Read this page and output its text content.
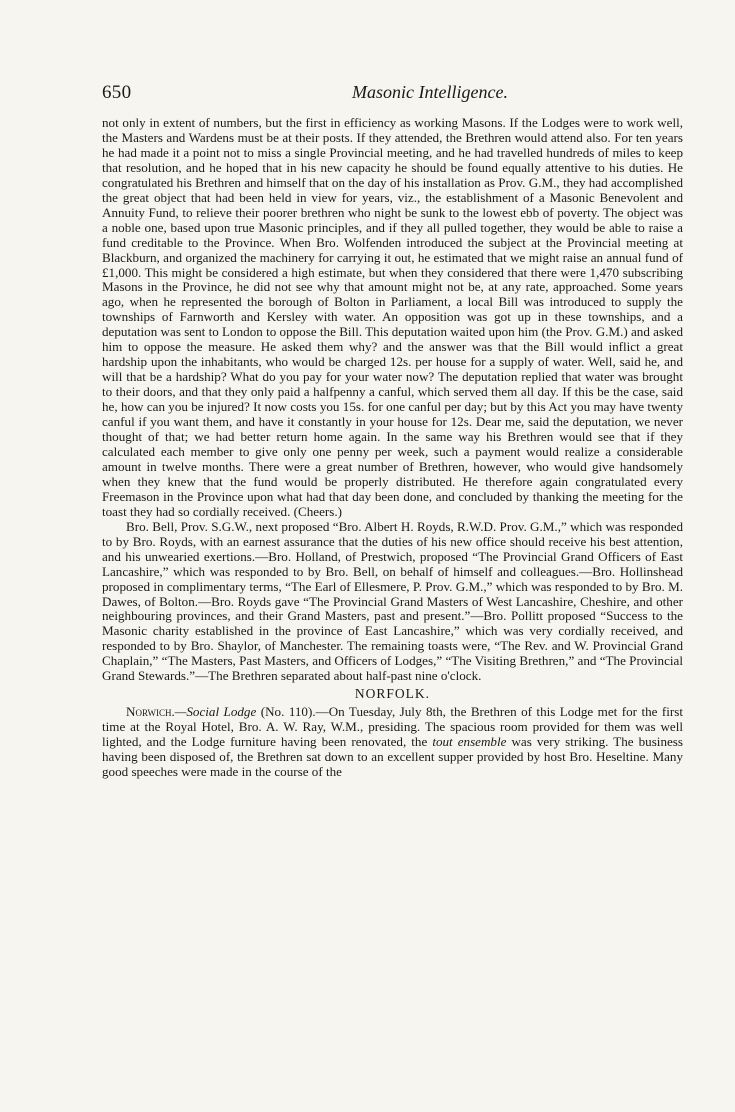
650	Masonic Intelligence.

not only in extent of numbers, but the first in efficiency as working Masons. If the Lodges were to work well, the Masters and Wardens must be at their posts. If they attended, the Brethren would attend also. For ten years he had made it a point not to miss a single Provincial meeting, and he had travelled hundreds of miles to keep that resolution, and he hoped that in his new capacity he should be found equally attentive to his duties. He congratulated his Brethren and himself that on the day of his installation as Prov. G.M., they had accomplished the great object that had been held in view for years, viz., the establishment of a Masonic Benevolent and Annuity Fund, to relieve their poorer brethren who night be sunk to the lowest ebb of poverty. The object was a noble one, based upon true Masonic principles, and if they all pulled together, they would be able to raise a fund creditable to the Province. When Bro. Wolfenden introduced the subject at the Provincial meeting at Blackburn, and organized the machinery for carrying it out, he estimated that we might raise an annual fund of £1,000. This might be considered a high estimate, but when they considered that there were 1,470 subscribing Masons in the Province, he did not see why that amount might not be, at any rate, approached. Some years ago, when he represented the borough of Bolton in Parliament, a local Bill was introduced to supply the townships of Farnworth and Kersley with water. An opposition was got up in these townships, and a deputation was sent to London to oppose the Bill. This deputation waited upon him (the Prov. G.M.) and asked him to oppose the measure. He asked them why? and the answer was that the Bill would inflict a great hardship upon the inhabitants, who would be charged 12s. per house for a supply of water. Well, said he, and will that be a hardship? What do you pay for your water now? The deputation replied that water was brought to their doors, and that they only paid a halfpenny a canful, which served them all day. If this be the case, said he, how can you be injured? It now costs you 15s. for one canful per day; but by this Act you may have twenty canful if you want them, and have it constantly in your house for 12s. Dear me, said the deputation, we never thought of that; we had better return home again. In the same way his Brethren would see that if they calculated each member to give only one penny per week, such a payment would realize a considerable amount in twelve months. There were a great number of Brethren, however, who would give handsomely when they knew that the fund would be properly distributed. He therefore again congratulated every Freemason in the Province upon what had that day been done, and concluded by thanking the meeting for the toast they had so cordially received. (Cheers.)

Bro. Bell, Prov. S.G.W., next proposed “Bro. Albert H. Royds, R.W.D. Prov. G.M.,” which was responded to by Bro. Royds, with an earnest assurance that the duties of his new office should receive his best attention, and his unwearied exertions.—Bro. Holland, of Prestwich, proposed “The Provincial Grand Officers of East Lancashire,” which was responded to by Bro. Bell, on behalf of himself and colleagues.—Bro. Hollinshead proposed in complimentary terms, “The Earl of Ellesmere, P. Prov. G.M.,” which was responded to by Bro. M. Dawes, of Bolton.—Bro. Royds gave “The Provincial Grand Masters of West Lancashire, Cheshire, and other neighbouring provinces, and their Grand Masters, past and present.”—Bro. Pollitt proposed “Success to the Masonic charity established in the province of East Lancashire,” which was very cordially received, and responded to by Bro. Shaylor, of Manchester. The remaining toasts were, “The Rev. and W. Provincial Grand Chaplain,” “The Masters, Past Masters, and Officers of Lodges,” “The Visiting Brethren,” and “The Provincial Grand Stewards.”—The Brethren separated about half-past nine o'clock.

NORFOLK.

Norwich.—Social Lodge (No. 110).—On Tuesday, July 8th, the Brethren of this Lodge met for the first time at the Royal Hotel, Bro. A. W. Ray, W.M., presiding. The spacious room provided for them was well lighted, and the Lodge furniture having been renovated, the tout ensemble was very striking. The business having been disposed of, the Brethren sat down to an excellent supper provided by host Bro. Heseltine. Many good speeches were made in the course of the
